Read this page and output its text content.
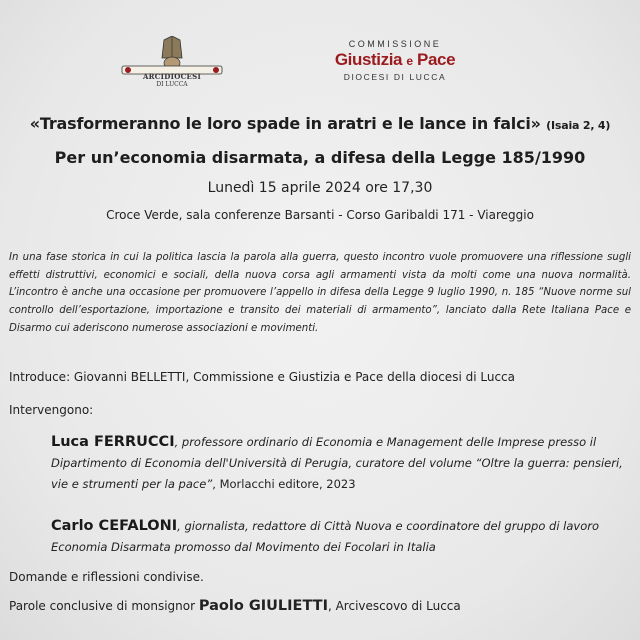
ARCIDIOCESI
DI LUCCA
COMMISSIONE
Giustizia e Pace
DIOCESI DI LUCCA
«Trasformeranno le loro spade in aratri e le lance in falci» (Isaia 2, 4)
Per un’economia disarmata, a difesa della Legge 185/1990
Lunedì 15 aprile 2024 ore 17,30
Croce Verde, sala conferenze Barsanti - Corso Garibaldi 171 - Viareggio
In una fase storica in cui la politica lascia la parola alla guerra, questo incontro vuole promuovere una riflessione sugli effetti distruttivi, economici e sociali, della nuova corsa agli armamenti vista da molti come una nuova normalità. L’incontro è anche una occasione per promuovere l’appello in difesa della Legge 9 luglio 1990, n. 185 “Nuove norme sul controllo dell’esportazione, importazione e transito dei materiali di armamento”, lanciato dalla Rete Italiana Pace e Disarmo cui aderiscono numerose associazioni e movimenti.
Introduce: Giovanni BELLETTI, Commissione e Giustizia e Pace della diocesi di Lucca
Intervengono:
Luca FERRUCCI, professore ordinario di Economia e Management delle Imprese presso il Dipartimento di Economia dell'Università di Perugia, curatore del volume “Oltre la guerra: pensieri, vie e strumenti per la pace”, Morlacchi editore, 2023
Carlo CEFALONI, giornalista, redattore di Città Nuova e coordinatore del gruppo di lavoro Economia Disarmata promosso dal Movimento dei Focolari in Italia
Domande e riflessioni condivise.
Parole conclusive di monsignor Paolo GIULIETTI, Arcivescovo di Lucca
